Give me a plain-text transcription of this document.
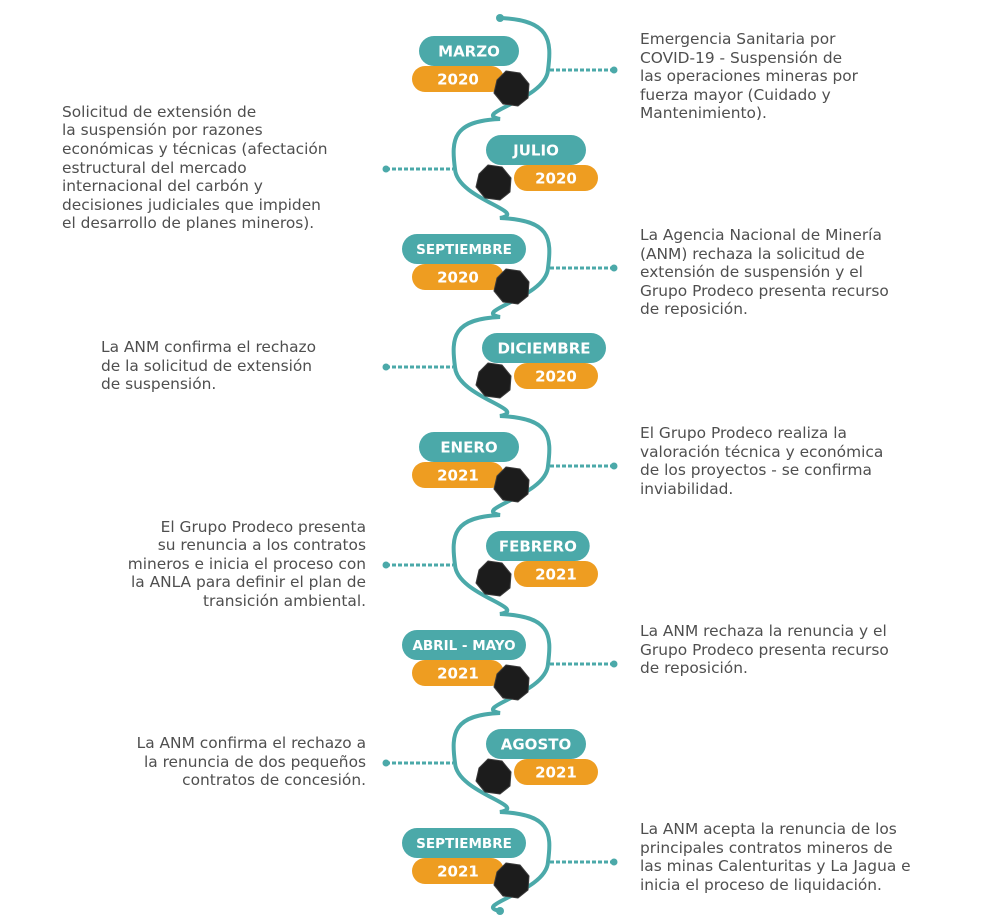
MARZO
2020
JULIO
2020
SEPTIEMBRE
2020
DICIEMBRE
2020
ENERO
2021
FEBRERO
2021
ABRIL - MAYO
2021
AGOSTO
2021
SEPTIEMBRE
2021
Emergencia Sanitaria por
COVID-19 - Suspensión de
las operaciones mineras por
fuerza mayor (Cuidado y
Mantenimiento).
Solicitud de extensión de
la suspensión por razones
económicas y técnicas (afectación
estructural del mercado
internacional del carbón y
decisiones judiciales que impiden
el desarrollo de planes mineros).
La Agencia Nacional de Minería
(ANM) rechaza la solicitud de
extensión de suspensión y el
Grupo Prodeco presenta recurso
de reposición.
La ANM confirma el rechazo
de la solicitud de extensión
de suspensión.
El Grupo Prodeco realiza la
valoración técnica y económica
de los proyectos - se confirma
inviabilidad.
El Grupo Prodeco presenta
su renuncia a los contratos
mineros e inicia el proceso con
la ANLA para definir el plan de
transición ambiental.
La ANM rechaza la renuncia y el
Grupo Prodeco presenta recurso
de reposición.
La ANM confirma el rechazo a
la renuncia de dos pequeños
contratos de concesión.
La ANM acepta la renuncia de los
principales contratos mineros de
las minas Calenturitas y La Jagua e
inicia el proceso de liquidación.
